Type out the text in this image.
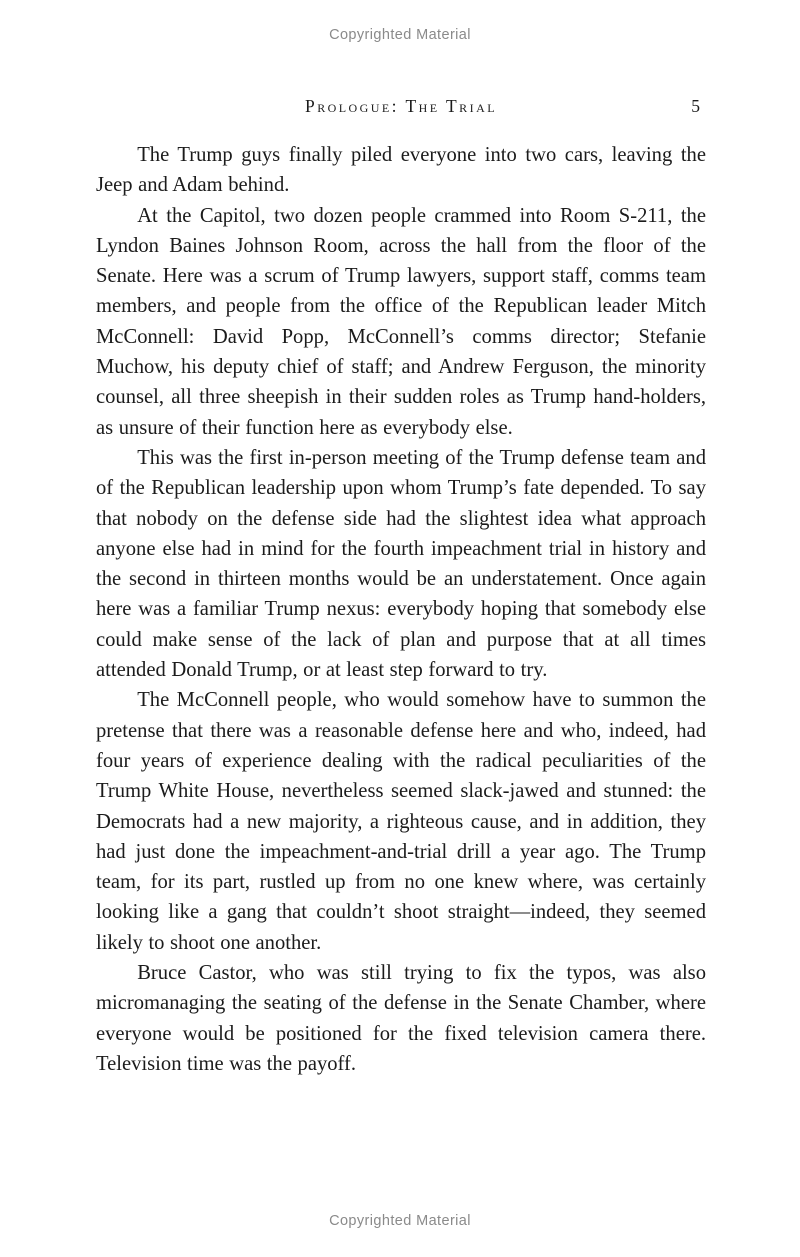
Copyrighted Material
Prologue: The Trial	5

The Trump guys finally piled everyone into two cars, leaving the Jeep and Adam behind.

At the Capitol, two dozen people crammed into Room S-211, the Lyndon Baines Johnson Room, across the hall from the floor of the Senate. Here was a scrum of Trump lawyers, support staff, comms team members, and people from the office of the Republican leader Mitch McConnell: David Popp, McConnell’s comms director; Stefanie Muchow, his deputy chief of staff; and Andrew Ferguson, the minority counsel, all three sheepish in their sudden roles as Trump hand-holders, as unsure of their function here as everybody else.

This was the first in-person meeting of the Trump defense team and of the Republican leadership upon whom Trump’s fate depended. To say that nobody on the defense side had the slightest idea what approach anyone else had in mind for the fourth impeachment trial in history and the second in thirteen months would be an understatement. Once again here was a familiar Trump nexus: everybody hoping that somebody else could make sense of the lack of plan and purpose that at all times attended Donald Trump, or at least step forward to try.

The McConnell people, who would somehow have to summon the pretense that there was a reasonable defense here and who, indeed, had four years of experience dealing with the radical peculiarities of the Trump White House, nevertheless seemed slack-jawed and stunned: the Democrats had a new majority, a righteous cause, and in addition, they had just done the impeachment-and-trial drill a year ago. The Trump team, for its part, rustled up from no one knew where, was certainly looking like a gang that couldn’t shoot straight—indeed, they seemed likely to shoot one another.

Bruce Castor, who was still trying to fix the typos, was also micromanaging the seating of the defense in the Senate Chamber, where everyone would be positioned for the fixed television camera there. Television time was the payoff.

Copyrighted Material
